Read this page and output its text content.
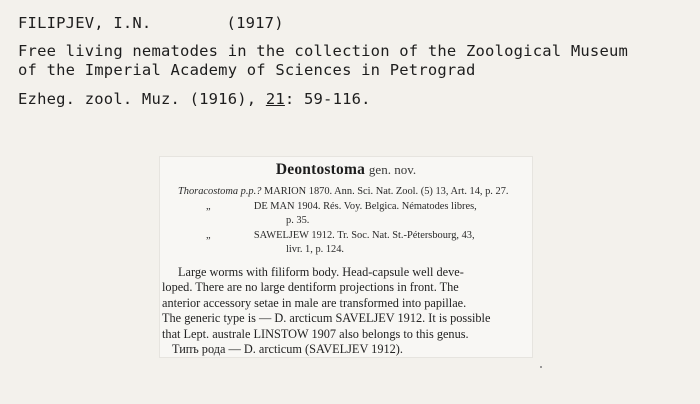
FILIPJEV, I.N.	(1917)
Free living nematodes in the collection of the Zoological Museum
of the Imperial Academy of Sciences in Petrograd
Ezheg. zool. Muz. (1916), 21: 59-116.
Deontostoma gen. nov.
Thoracostoma p.p.? MARION 1870. Ann. Sci. Nat. Zool. (5) 13, Art. 14, p. 27.
„	DE MAN 1904. Rés. Voy. Belgica. Nématodes libres,
p. 35.
„	SAWELJEW 1912. Tr. Soc. Nat. St.-Pétersbourg, 43,
livr. 1, p. 124.

Large worms with filiform body. Head-capsule well deve-

loped. There are no large dentiform projections in front. The

anterior accessory setae in male are transformed into papillae.

The generic type is — D. arcticum SAVELJEV 1912. It is possible

that Lept. australe LINSTOW 1907 also belongs to this genus.

Типъ рода — D. arcticum (SAVELJEV 1912).
